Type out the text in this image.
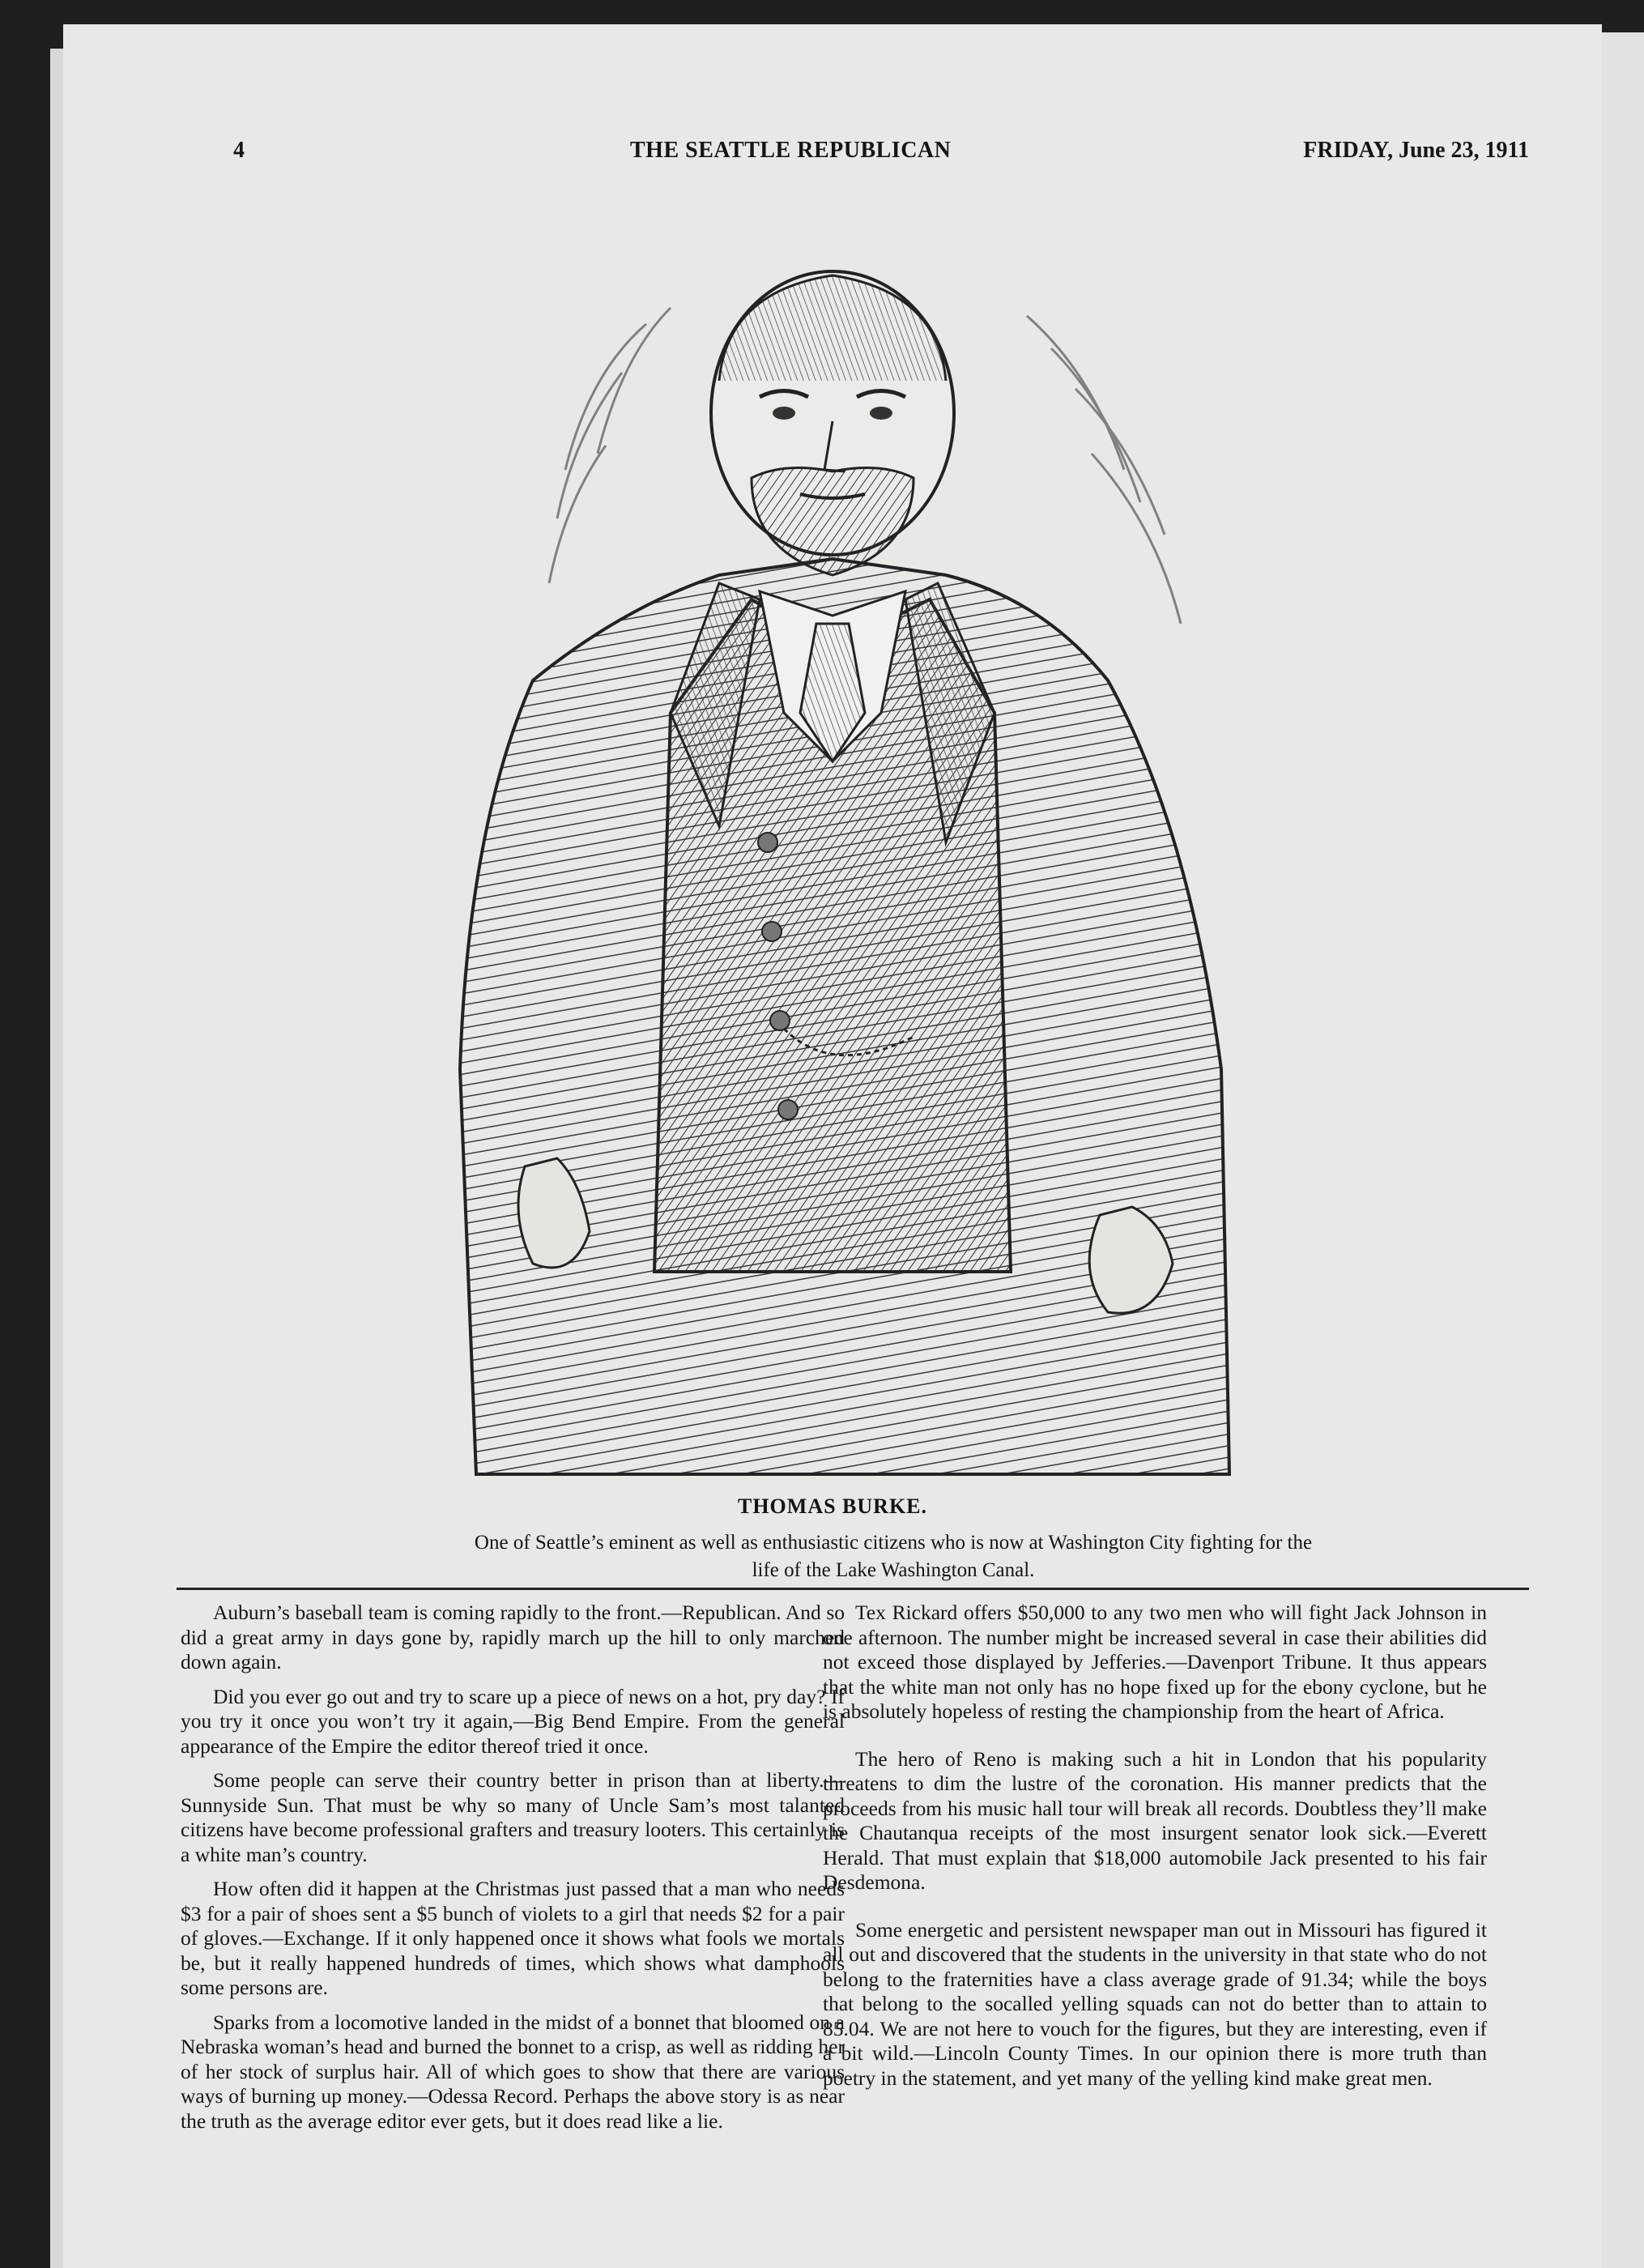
4	THE SEATTLE REPUBLICAN	FRIDAY, June 23, 1911
THOMAS BURKE.
One of Seattle’s eminent as well as enthusiastic citizens who is now at Washington City fighting for the life of the Lake Washington Canal.

Auburn’s baseball team is coming rapidly to the front.—Republican. And so did a great army in days gone by, rapidly march up the hill to only marched down again.

Did you ever go out and try to scare up a piece of news on a hot, pry day? If you try it once you won’t try it again,—Big Bend Empire. From the general appearance of the Empire the editor thereof tried it once.

Some people can serve their country better in prison than at liberty.—Sunnyside Sun. That must be why so many of Uncle Sam’s most talanted citizens have become professional grafters and treasury looters. This certainly is a white man’s country.

How often did it happen at the Christmas just passed that a man who needs $3 for a pair of shoes sent a $5 bunch of violets to a girl that needs $2 for a pair of gloves.—Exchange. If it only happened once it shows what fools we mortals be, but it really happened hundreds of times, which shows what damphools some persons are.

Sparks from a locomotive landed in the midst of a bonnet that bloomed on a Nebraska woman’s head and burned the bonnet to a crisp, as well as ridding her of her stock of surplus hair. All of which goes to show that there are various ways of burning up money.—Odessa Record. Perhaps the above story is as near the truth as the average editor ever gets, but it does read like a lie.

Tex Rickard offers $50,000 to any two men who will fight Jack Johnson in one afternoon. The number might be increased several in case their abilities did not exceed those displayed by Jefferies.—Davenport Tribune. It thus appears that the white man not only has no hope fixed up for the ebony cyclone, but he is absolutely hopeless of resting the championship from the heart of Africa.

The hero of Reno is making such a hit in London that his popularity threatens to dim the lustre of the coronation. His manner predicts that the proceeds from his music hall tour will break all records. Doubtless they’ll make the Chautanqua receipts of the most insurgent senator look sick.—Everett Herald. That must explain that $18,000 automobile Jack presented to his fair Desdemona.

Some energetic and persistent newspaper man out in Missouri has figured it all out and discovered that the students in the university in that state who do not belong to the fraternities have a class average grade of 91.34; while the boys that belong to the socalled yelling squads can not do better than to attain to 85.04. We are not here to vouch for the figures, but they are interesting, even if a bit wild.—Lincoln County Times. In our opinion there is more truth than poetry in the statement, and yet many of the yelling kind make great men.
